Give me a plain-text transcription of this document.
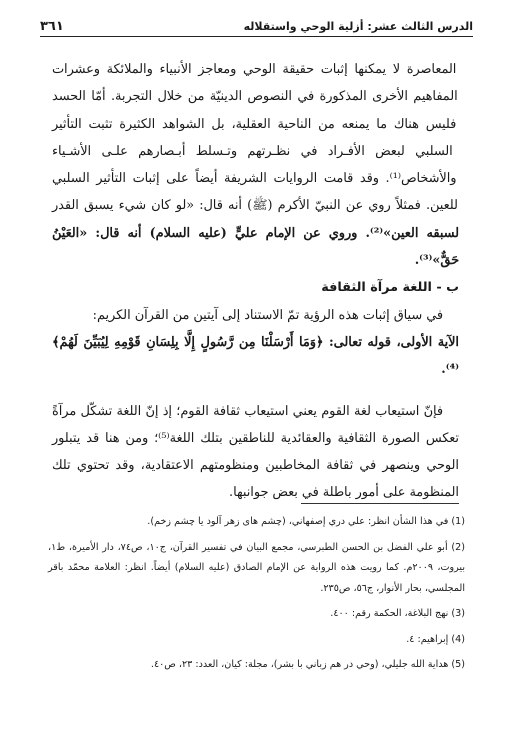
الدرس الثالث عشر: أزلية الوحي واستقلاله
٣٦١

المعاصرة لا يمكنها إثبات حقيقة الوحي ومعاجز الأنبياء والملائكة وعشرات المفاهيم الأخرى المذكورة في النصوص الدينيّة من خلال التجربة. أمّا الحسد فليس هناك ما يمنعه من الناحية العقلية، بل الشواهد الكثيرة تثبت التأثير السلبي لبعض الأفـراد في نظـرتهم وتـسلط أبـصارهم علـى الأشـياء والأشخاص⁽¹⁾. وقد قامت الروايات الشريفة أيضاً على إثبات التأثير السلبي للعين. فمثلاً روي عن النبيّ الأكرم (ﷺ) أنه قال: «لو كان شيء يسبق القدر لسبقه العين»⁽²⁾. وروي عن الإمام عليٍّ (عليه السلام) أنه قال: «العَيْنُ حَقٌّ»⁽³⁾.

ب - اللغة مرآة الثقافة

في سياق إثبات هذه الرؤية تمّ الاستناد إلى آيتين من القرآن الكريم:

الآية الأولى، قوله تعالى: ﴿وَمَا أَرْسَلْنَا مِن رَّسُولٍ إِلَّا بِلِسَانِ قَوْمِهِ لِيُبَيِّنَ لَهُمْ﴾⁽⁴⁾.

فإنّ استيعاب لغة القوم يعني استيعاب ثقافة القوم؛ إذ إنّ اللغة تشكّل مرآةً تعكس الصورة الثقافية والعقائدية للناطقين بتلك اللغة⁽⁵⁾؛ ومن هنا قد يتبلور الوحي وينصهر في ثقافة المخاطبين ومنظومتهم الاعتقادية، وقد تحتوي تلك المنظومة على أمور باطلة في بعض جوانبها.

(1) في هذا الشأن انظر: علي دري إصفهاني، (چشم هاى زهر آلود يا چشم زخم).

(2) أبو علي الفضل بن الحسن الطبرسي، مجمع البيان في تفسير القرآن، ج١٠، ص٧٤، دار الأميرة، ط١، بيروت، ٢٠٠٩م. كما رويت هذه الرواية عن الإمام الصادق (عليه السلام) أيضاً. انظر: العلامة محمّد باقر المجلسي، بحار الأنوار، ج٥٦، ص٢٣٥.

(3) نهج البلاغة، الحكمة رقم: ٤٠٠.

(4) إبراهيم: ٤.

(5) هداية الله جليلي، (وحي در هم زباني با بشر)، مجلة: كيان، العدد: ٢٣، ص٤٠.
